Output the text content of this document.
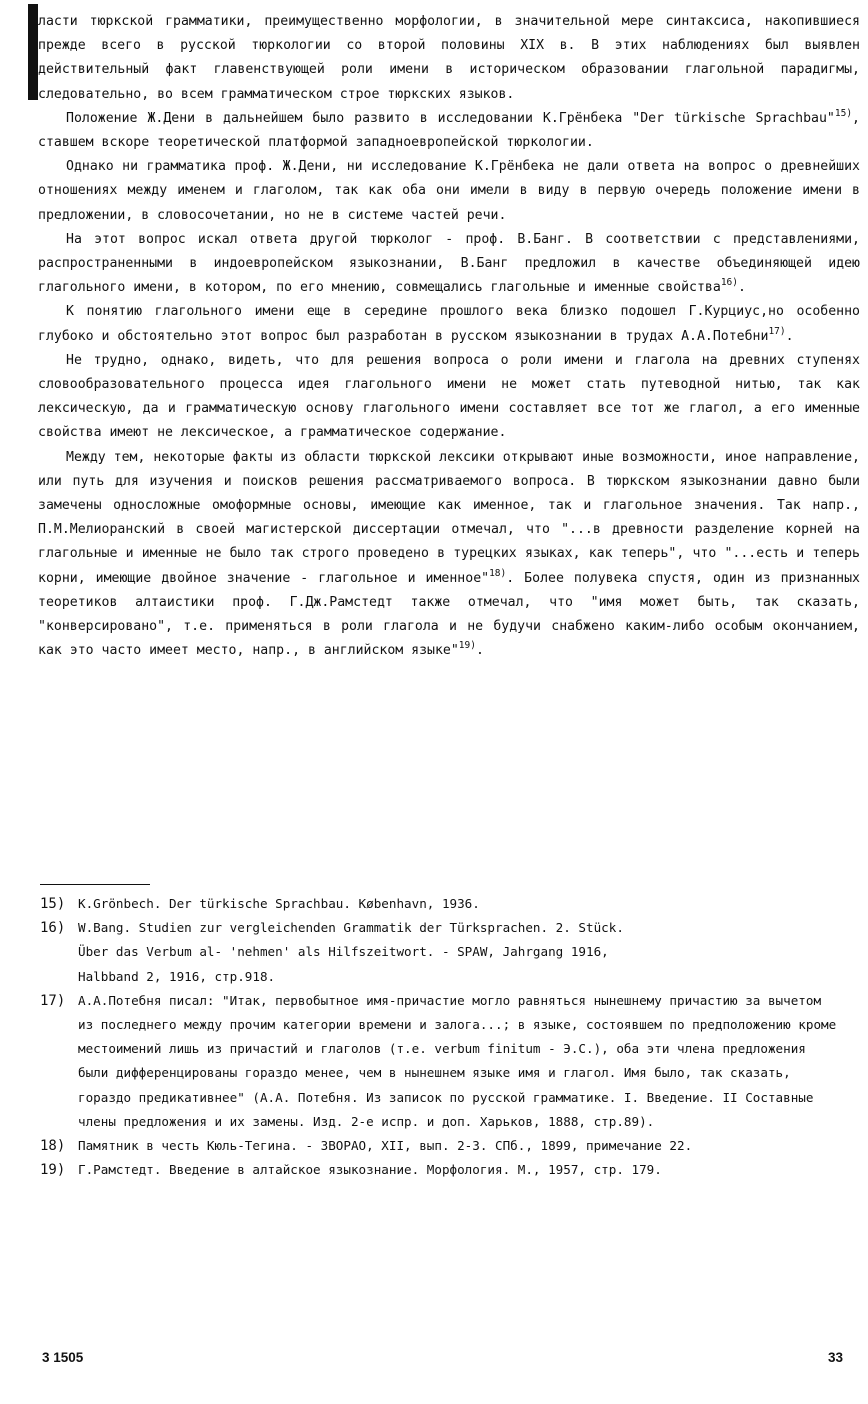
ласти тюркской грамматики, преимущественно морфологии, в значительной мере синтаксиса, накопившиеся прежде всего в русской тюркологии со второй половины XIX в. В этих наблюдениях был выявлен действительный факт главенствующей роли имени в историческом образовании глагольной парадигмы, следовательно, во всем грамматическом строе тюркских языков.

Положение Ж.Дени в дальнейшем было развито в исследовании К.Грёнбека "Der türkische Sprachbau"$^{15)}$, ставшем вскоре теоретической платформой западноевропейской тюркологии.

Однако ни грамматика проф. Ж.Дени, ни исследование К.Грёнбека не дали ответа на вопрос о древнейших отношениях между именем и глаголом, так как оба они имели в виду в первую очередь положение имени в предложении, в словосочетании, но не в системе частей речи.

На этот вопрос искал ответа другой тюрколог - проф. В.Банг. В соответствии с представлениями, распространенными в индоевропейском языкознании, В.Банг предложил в качестве объединяющей идею глагольного имени, в котором, по его мнению, совмещались глагольные и именные свойства$^{16)}$.

К понятию глагольного имени еще в середине прошлого века близко подошел Г.Курциус,но особенно глубоко и обстоятельно этот вопрос был разработан в русском языкознании в трудах А.А.Потебни$^{17)}$.

Не трудно, однако, видеть, что для решения вопроса о роли имени и глагола на древних ступенях словообразовательного процесса идея глагольного имени не может стать путеводной нитью, так как лексическую, да и грамматическую основу глагольного имени составляет все тот же глагол, а его именные свойства имеют не лексическое, а грамматическое содержание.

Между тем, некоторые факты из области тюркской лексики открывают иные возможности, иное направление, или путь для изучения и поисков решения рассматриваемого вопроса. В тюркском языкознании давно были замечены односложные омоформные основы, имеющие как именное, так и глагольное значения. Так напр., П.М.Мелиоранский в своей магистерской диссертации отмечал, что "...в древности разделение корней на глагольные и именные не было так строго проведено в турецких языках, как теперь", что "...есть и теперь корни, имеющие двойное значение - глагольное и именное"$^{18)}$. Более полувека спустя, один из признанных теоретиков алтаистики проф. Г.Дж.Рамстедт также отмечал, что "имя может быть, так сказать, "конверсировано", т.е. применяться в роли глагола и не будучи снабжено каким-либо особым окончанием, как это часто имеет место, напр., в английском языке"$^{19)}$.

15)	K.Grönbech. Der türkische Sprachbau. København, 1936.
16)	W.Bang. Studien zur vergleichenden Grammatik der Türksprachen. 2. Stück.
Über das Verbum al- 'nehmen' als Hilfszeitwort. - SPAW, Jahrgang 1916,
Halbband 2, 1916, стр.918.
17)	А.А.Потебня писал: "Итак, первобытное имя-причастие могло равняться нынешнему причастию за вычетом из последнего между прочим категории времени и залога...; в языке, состоявшем по предположению кроме местоимений лишь из причастий и глаголов (т.е. verbum finitum - Э.С.), оба эти члена предложения были дифференцированы гораздо менее, чем в нынешнем языке имя и глагол. Имя было, так сказать, гораздо предикативнее" (А.А. Потебня. Из записок по русской грамматике. I. Введение. II Составные члены предложения и их замены. Изд. 2-е испр. и доп. Харьков, 1888, стр.89).
18)	Памятник в честь Кюль-Тегина. - ЗВОРАО, XII, вып. 2-3. СПб., 1899, примечание 22.
19)	Г.Рамстедт. Введение в алтайское языкознание. Морфология. М., 1957, стр. 179.
3 1505	33
